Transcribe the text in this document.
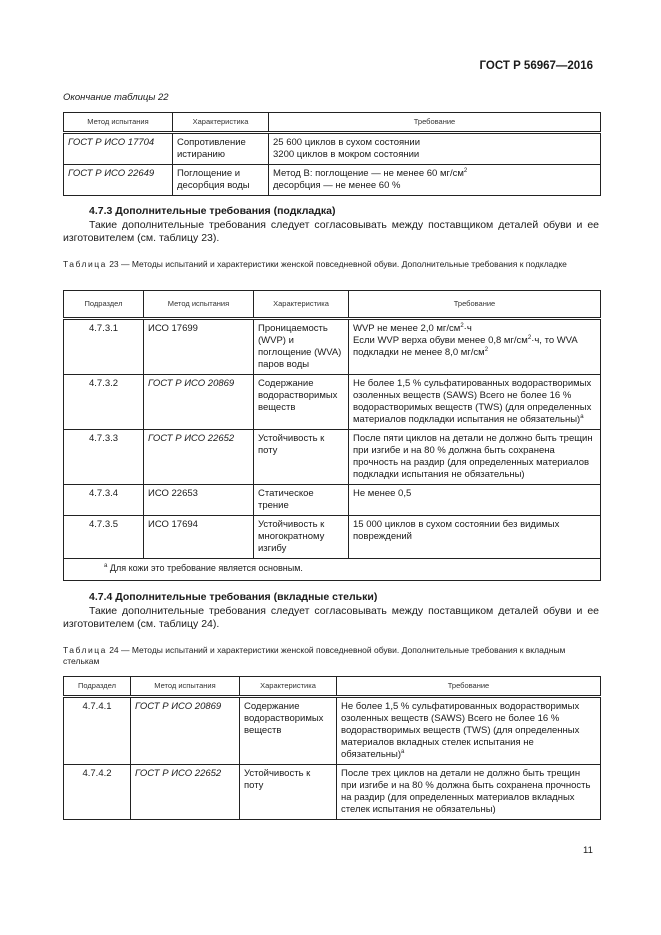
ГОСТ Р 56967—2016
Окончание таблицы 22
Метод испытания	Характеристика	Требование
ГОСТ Р ИСО 17704	Сопротивление истиранию	25 600 циклов в сухом состоянии
3200 циклов в мокром состоянии

ГОСТ Р ИСО 22649	Поглощение и десорбция воды	Метод В: поглощение — не менее 60 $мг/см^2$
десорбция — не менее 60 %
4.7.3 Дополнительные требования (подкладка)
Такие дополнительные требования следует согласовывать между поставщиком деталей обуви и ее изготовителем (см. таблицу 23).
Таблица 23 — Методы испытаний и характеристики женской повседневной обуви. Дополнительные требования к подкладке
Подраздел	Метод испытания	Характеристика	Требование
4.7.3.1	ИСО 17699	Проницаемость (WVP) и поглощение (WVA) паров воды	WVP не менее 2,0 $мг/см^2\cdot ч$
Если WVP верха обуви менее 0,8 $мг/см^2\cdot ч$, то WVA подкладки не менее 8,0 $мг/см^2$

4.7.3.2	ГОСТ Р ИСО 20869	Содержание водорастворимых веществ	Не более 1,5 % сульфатированных водорастворимых озоленных веществ (SAWS) Всего не более 16 % водорастворимых веществ (TWS) (для определенных материалов подкладки испытания не обязательны)$^a$
4.7.3.3	ГОСТ Р ИСО 22652	Устойчивость к поту	После пяти циклов на детали не должно быть трещин при изгибе и на 80 % должна быть сохранена прочность на раздир (для определенных материалов подкладки испытания не обязательны)
4.7.3.4	ИСО 22653	Статическое трение	Не менее 0,5
4.7.3.5	ИСО 17694	Устойчивость к многократному изгибу	15 000 циклов в сухом состоянии без видимых повреждений
$^a$ Для кожи это требование является основным.			
4.7.4 Дополнительные требования (вкладные стельки)
Такие дополнительные требования следует согласовывать между поставщиком деталей обуви и ее изготовителем (см. таблицу 24).
Таблица 24 — Методы испытаний и характеристики женской повседневной обуви. Дополнительные требования к вкладным стелькам
Подраздел	Метод испытания	Характеристика	Требование
4.7.4.1	ГОСТ Р ИСО 20869	Содержание водорастворимых веществ	Не более 1,5 % сульфатированных водорастворимых озоленных веществ (SAWS) Всего не более 16 % водорастворимых веществ (TWS) (для определенных материалов вкладных стелек испытания не обязательны)$^a$
4.7.4.2	ГОСТ Р ИСО 22652	Устойчивость к поту	После трех циклов на детали не должно быть трещин при изгибе и на 80 % должна быть сохранена прочность на раздир (для определенных материалов вкладных стелек испытания не обязательны)
11
